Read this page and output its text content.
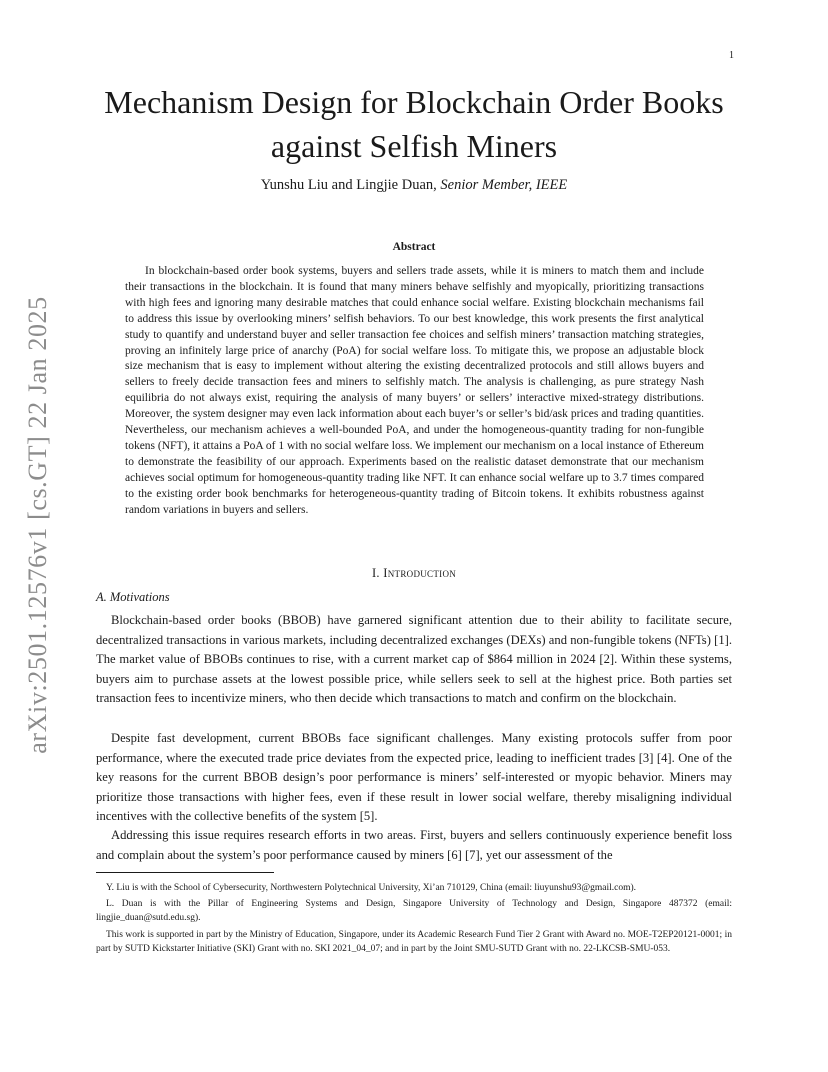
1
arXiv:2501.12576v1 [cs.GT] 22 Jan 2025
Mechanism Design for Blockchain Order Books against Selfish Miners
Yunshu Liu and Lingjie Duan, Senior Member, IEEE
Abstract

In blockchain-based order book systems, buyers and sellers trade assets, while it is miners to match them and include their transactions in the blockchain. It is found that many miners behave selfishly and myopically, prioritizing transactions with high fees and ignoring many desirable matches that could enhance social welfare. Existing blockchain mechanisms fail to address this issue by overlooking miners’ selfish behaviors. To our best knowledge, this work presents the first analytical study to quantify and understand buyer and seller transaction fee choices and selfish miners’ transaction matching strategies, proving an infinitely large price of anarchy (PoA) for social welfare loss. To mitigate this, we propose an adjustable block size mechanism that is easy to implement without altering the existing decentralized protocols and still allows buyers and sellers to freely decide transaction fees and miners to selfishly match. The analysis is challenging, as pure strategy Nash equilibria do not always exist, requiring the analysis of many buyers’ or sellers’ interactive mixed-strategy distributions. Moreover, the system designer may even lack information about each buyer’s or seller’s bid/ask prices and trading quantities. Nevertheless, our mechanism achieves a well-bounded PoA, and under the homogeneous-quantity trading for non-fungible tokens (NFT), it attains a PoA of 1 with no social welfare loss. We implement our mechanism on a local instance of Ethereum to demonstrate the feasibility of our approach. Experiments based on the realistic dataset demonstrate that our mechanism achieves social optimum for homogeneous-quantity trading like NFT. It can enhance social welfare up to 3.7 times compared to the existing order book benchmarks for heterogeneous-quantity trading of Bitcoin tokens. It exhibits robustness against random variations in buyers and sellers.

I. Introduction
A. Motivations

Blockchain-based order books (BBOB) have garnered significant attention due to their ability to facilitate secure, decentralized transactions in various markets, including decentralized exchanges (DEXs) and non-fungible tokens (NFTs) [1]. The market value of BBOBs continues to rise, with a current market cap of $864 million in 2024 [2]. Within these systems, buyers aim to purchase assets at the lowest possible price, while sellers seek to sell at the highest price. Both parties set transaction fees to incentivize miners, who then decide which transactions to match and confirm on the blockchain.

Despite fast development, current BBOBs face significant challenges. Many existing protocols suffer from poor performance, where the executed trade price deviates from the expected price, leading to inefficient trades [3] [4]. One of the key reasons for the current BBOB design’s poor performance is miners’ self-interested or myopic behavior. Miners may prioritize those transactions with higher fees, even if these result in lower social welfare, thereby misaligning individual incentives with the collective benefits of the system [5].

Addressing this issue requires research efforts in two areas. First, buyers and sellers continuously experience benefit loss and complain about the system’s poor performance caused by miners [6] [7], yet our assessment of the

Y. Liu is with the School of Cybersecurity, Northwestern Polytechnical University, Xi’an 710129, China (email: liuyunshu93@gmail.com).

L. Duan is with the Pillar of Engineering Systems and Design, Singapore University of Technology and Design, Singapore 487372 (email: lingjie_duan@sutd.edu.sg).

This work is supported in part by the Ministry of Education, Singapore, under its Academic Research Fund Tier 2 Grant with Award no. MOE-T2EP20121-0001; in part by SUTD Kickstarter Initiative (SKI) Grant with no. SKI 2021_04_07; and in part by the Joint SMU-SUTD Grant with no. 22-LKCSB-SMU-053.
